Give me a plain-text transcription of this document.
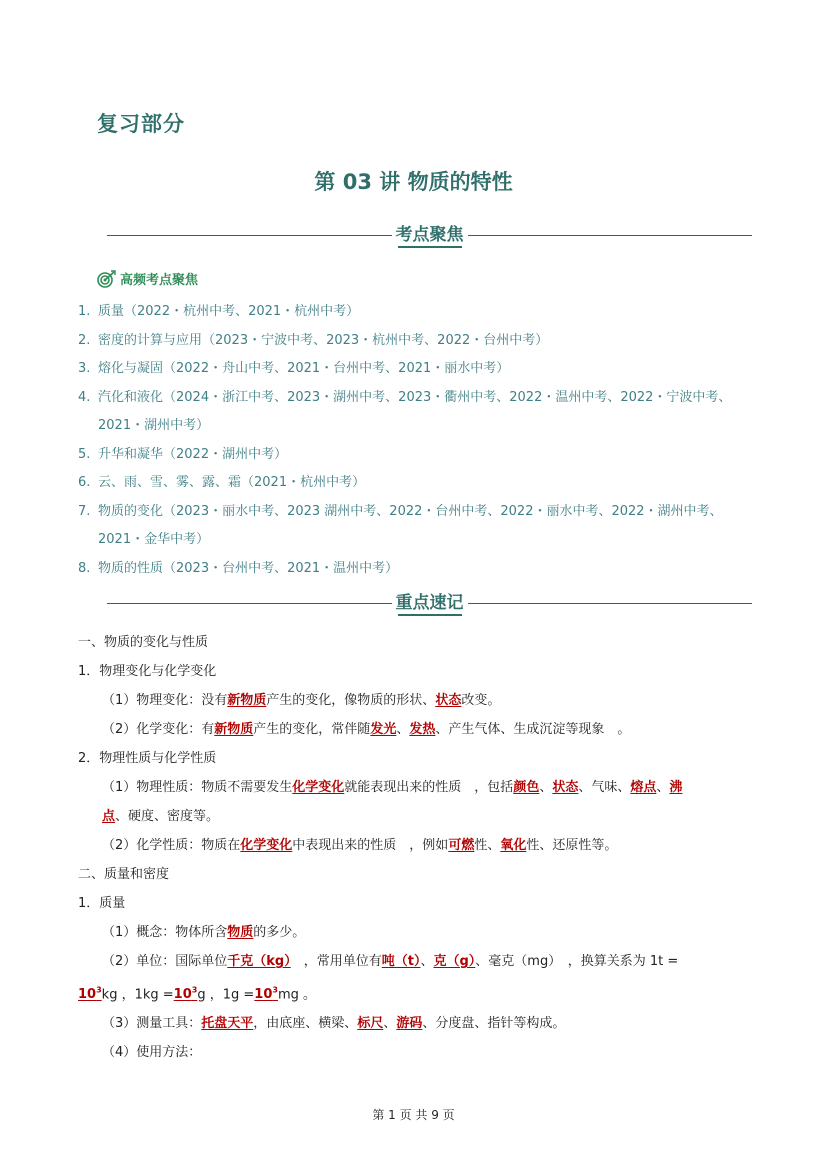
复习部分
第 03 讲 物质的特性
考点聚焦
高频考点聚焦
1. 质量（2022・杭州中考、2021・杭州中考）
2. 密度的计算与应用（2023・宁波中考、2023・杭州中考、2022・台州中考）
3. 熔化与凝固（2022・舟山中考、2021・台州中考、2021・丽水中考）
4. 汽化和液化（2024・浙江中考、2023・湖州中考、2023・衢州中考、2022・温州中考、2022・宁波中考、2021・湖州中考）
5. 升华和凝华（2022・湖州中考）
6. 云、雨、雪、雾、露、霜（2021・杭州中考）
7. 物质的变化（2023・丽水中考、2023 湖州中考、2022・台州中考、2022・丽水中考、2022・湖州中考、2021・金华中考）
8. 物质的性质（2023・台州中考、2021・温州中考）
重点速记
一、物质的变化与性质
1．物理变化与化学变化
（1）物理变化：没有新物质产生的变化，像物质的形状、状态改变。
（2）化学变化：有新物质产生的变化，常伴随发光、发热、产生气体、生成沉淀等现象　。
2．物理性质与化学性质
（1）物理性质：物质不需要发生化学变化就能表现出来的性质　，包括颜色、状态、气味、熔点、沸
点、硬度、密度等。
（2）化学性质：物质在化学变化中表现出来的性质　，例如可燃性、氧化性、还原性等。
二、质量和密度
1．质量
（1）概念：物体所含物质的多少。
（2）单位：国际单位千克（kg）　，常用单位有吨（t）、克（g）、毫克（mg）　，换算关系为 1t =
$10^3kg$ ，$1kg =10^3g$ ，$1g =10^3mg$ 。
（3）测量工具：托盘天平，由底座、横梁、标尺、游码、分度盘、指针等构成。
（4）使用方法：
第 1 页 共 9 页
